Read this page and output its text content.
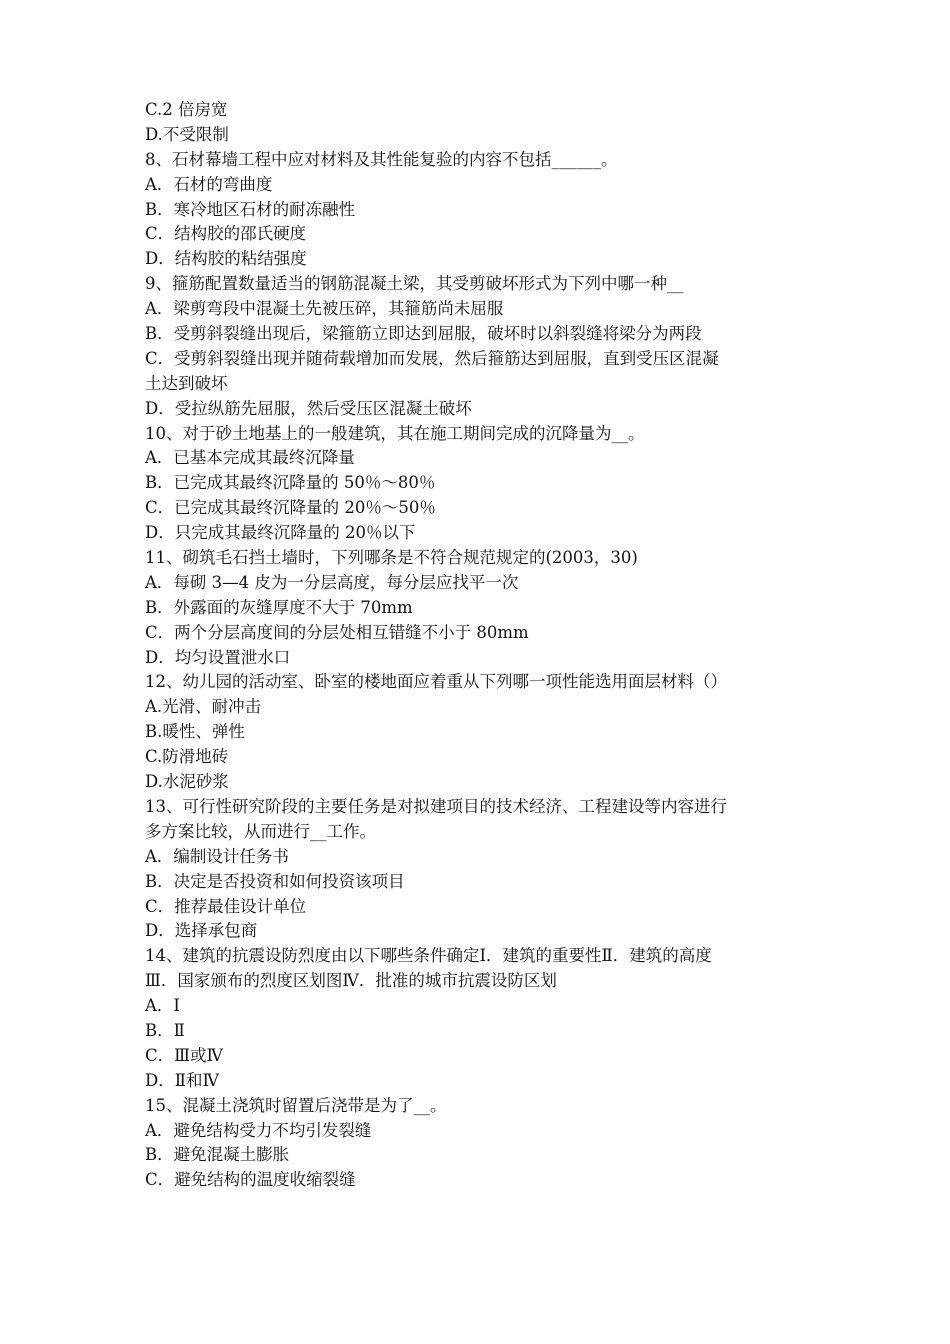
C.2 倍房宽
D.不受限制
8、石材幕墙工程中应对材料及其性能复验的内容不包括______。
A．石材的弯曲度
B．寒冷地区石材的耐冻融性
C．结构胶的邵氏硬度
D．结构胶的粘结强度
9、箍筋配置数量适当的钢筋混凝土梁，其受剪破坏形式为下列中哪一种__
A．梁剪弯段中混凝土先被压碎，其箍筋尚未屈服
B．受剪斜裂缝出现后，梁箍筋立即达到屈服，破坏时以斜裂缝将梁分为两段
C．受剪斜裂缝出现并随荷载增加而发展，然后箍筋达到屈服，直到受压区混凝
土达到破坏
D．受拉纵筋先屈服，然后受压区混凝土破坏
10、对于砂土地基上的一般建筑，其在施工期间完成的沉降量为__。
A．已基本完成其最终沉降量
B．已完成其最终沉降量的 50％～80％
C．已完成其最终沉降量的 20％～50％
D．只完成其最终沉降量的 20％以下
11、砌筑毛石挡土墙时，下列哪条是不符合规范规定的(2003，30)
A．每砌 3—4 皮为一分层高度，每分层应找平一次
B．外露面的灰缝厚度不大于 70mm
C．两个分层高度间的分层处相互错缝不小于 80mm
D．均匀设置泄水口
12、幼儿园的活动室、卧室的楼地面应着重从下列哪一项性能选用面层材料（）
A.光滑、耐冲击
B.暖性、弹性
C.防滑地砖
D.水泥砂浆
13、可行性研究阶段的主要任务是对拟建项目的技术经济、工程建设等内容进行
多方案比较，从而进行__工作。
A．编制设计任务书
B．决定是否投资和如何投资该项目
C．推荐最佳设计单位
D．选择承包商
14、建筑的抗震设防烈度由以下哪些条件确定Ⅰ．建筑的重要性Ⅱ．建筑的高度
Ⅲ．国家颁布的烈度区划图Ⅳ．批准的城市抗震设防区划
A．Ⅰ
B．Ⅱ
C．Ⅲ或Ⅳ
D．Ⅱ和Ⅳ
15、混凝土浇筑时留置后浇带是为了__。
A．避免结构受力不均引发裂缝
B．避免混凝土膨胀
C．避免结构的温度收缩裂缝
